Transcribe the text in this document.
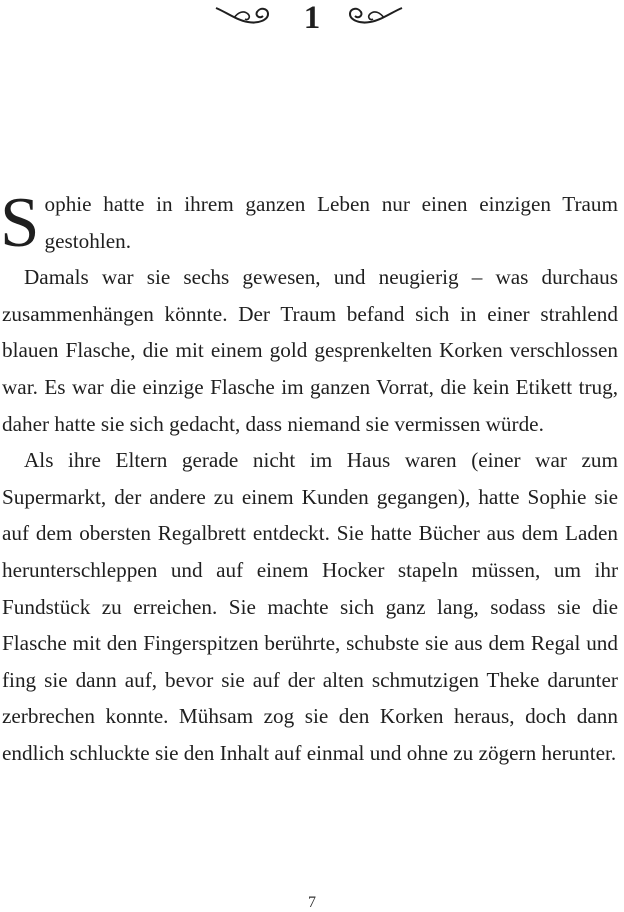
1

Sophie hatte in ihrem ganzen Leben nur einen einzigen Traum gestohlen.

Damals war sie sechs gewesen, und neugierig – was durchaus zusammenhängen könnte. Der Traum befand sich in einer strahlend blauen Flasche, die mit einem gold gesprenkelten Korken verschlossen war. Es war die einzige Flasche im ganzen Vorrat, die kein Etikett trug, daher hatte sie sich gedacht, dass niemand sie vermissen würde.

Als ihre Eltern gerade nicht im Haus waren (einer war zum Supermarkt, der andere zu einem Kunden gegangen), hatte Sophie sie auf dem obersten Regalbrett entdeckt. Sie hatte Bücher aus dem Laden herunterschleppen und auf einem Hocker stapeln müssen, um ihr Fundstück zu erreichen. Sie machte sich ganz lang, sodass sie die Flasche mit den Fingerspitzen berührte, schubste sie aus dem Regal und fing sie dann auf, bevor sie auf der alten schmutzigen Theke darunter zerbrechen konnte. Mühsam zog sie den Korken heraus, doch dann endlich schluckte sie den Inhalt auf einmal und ohne zu zögern herunter.

7
